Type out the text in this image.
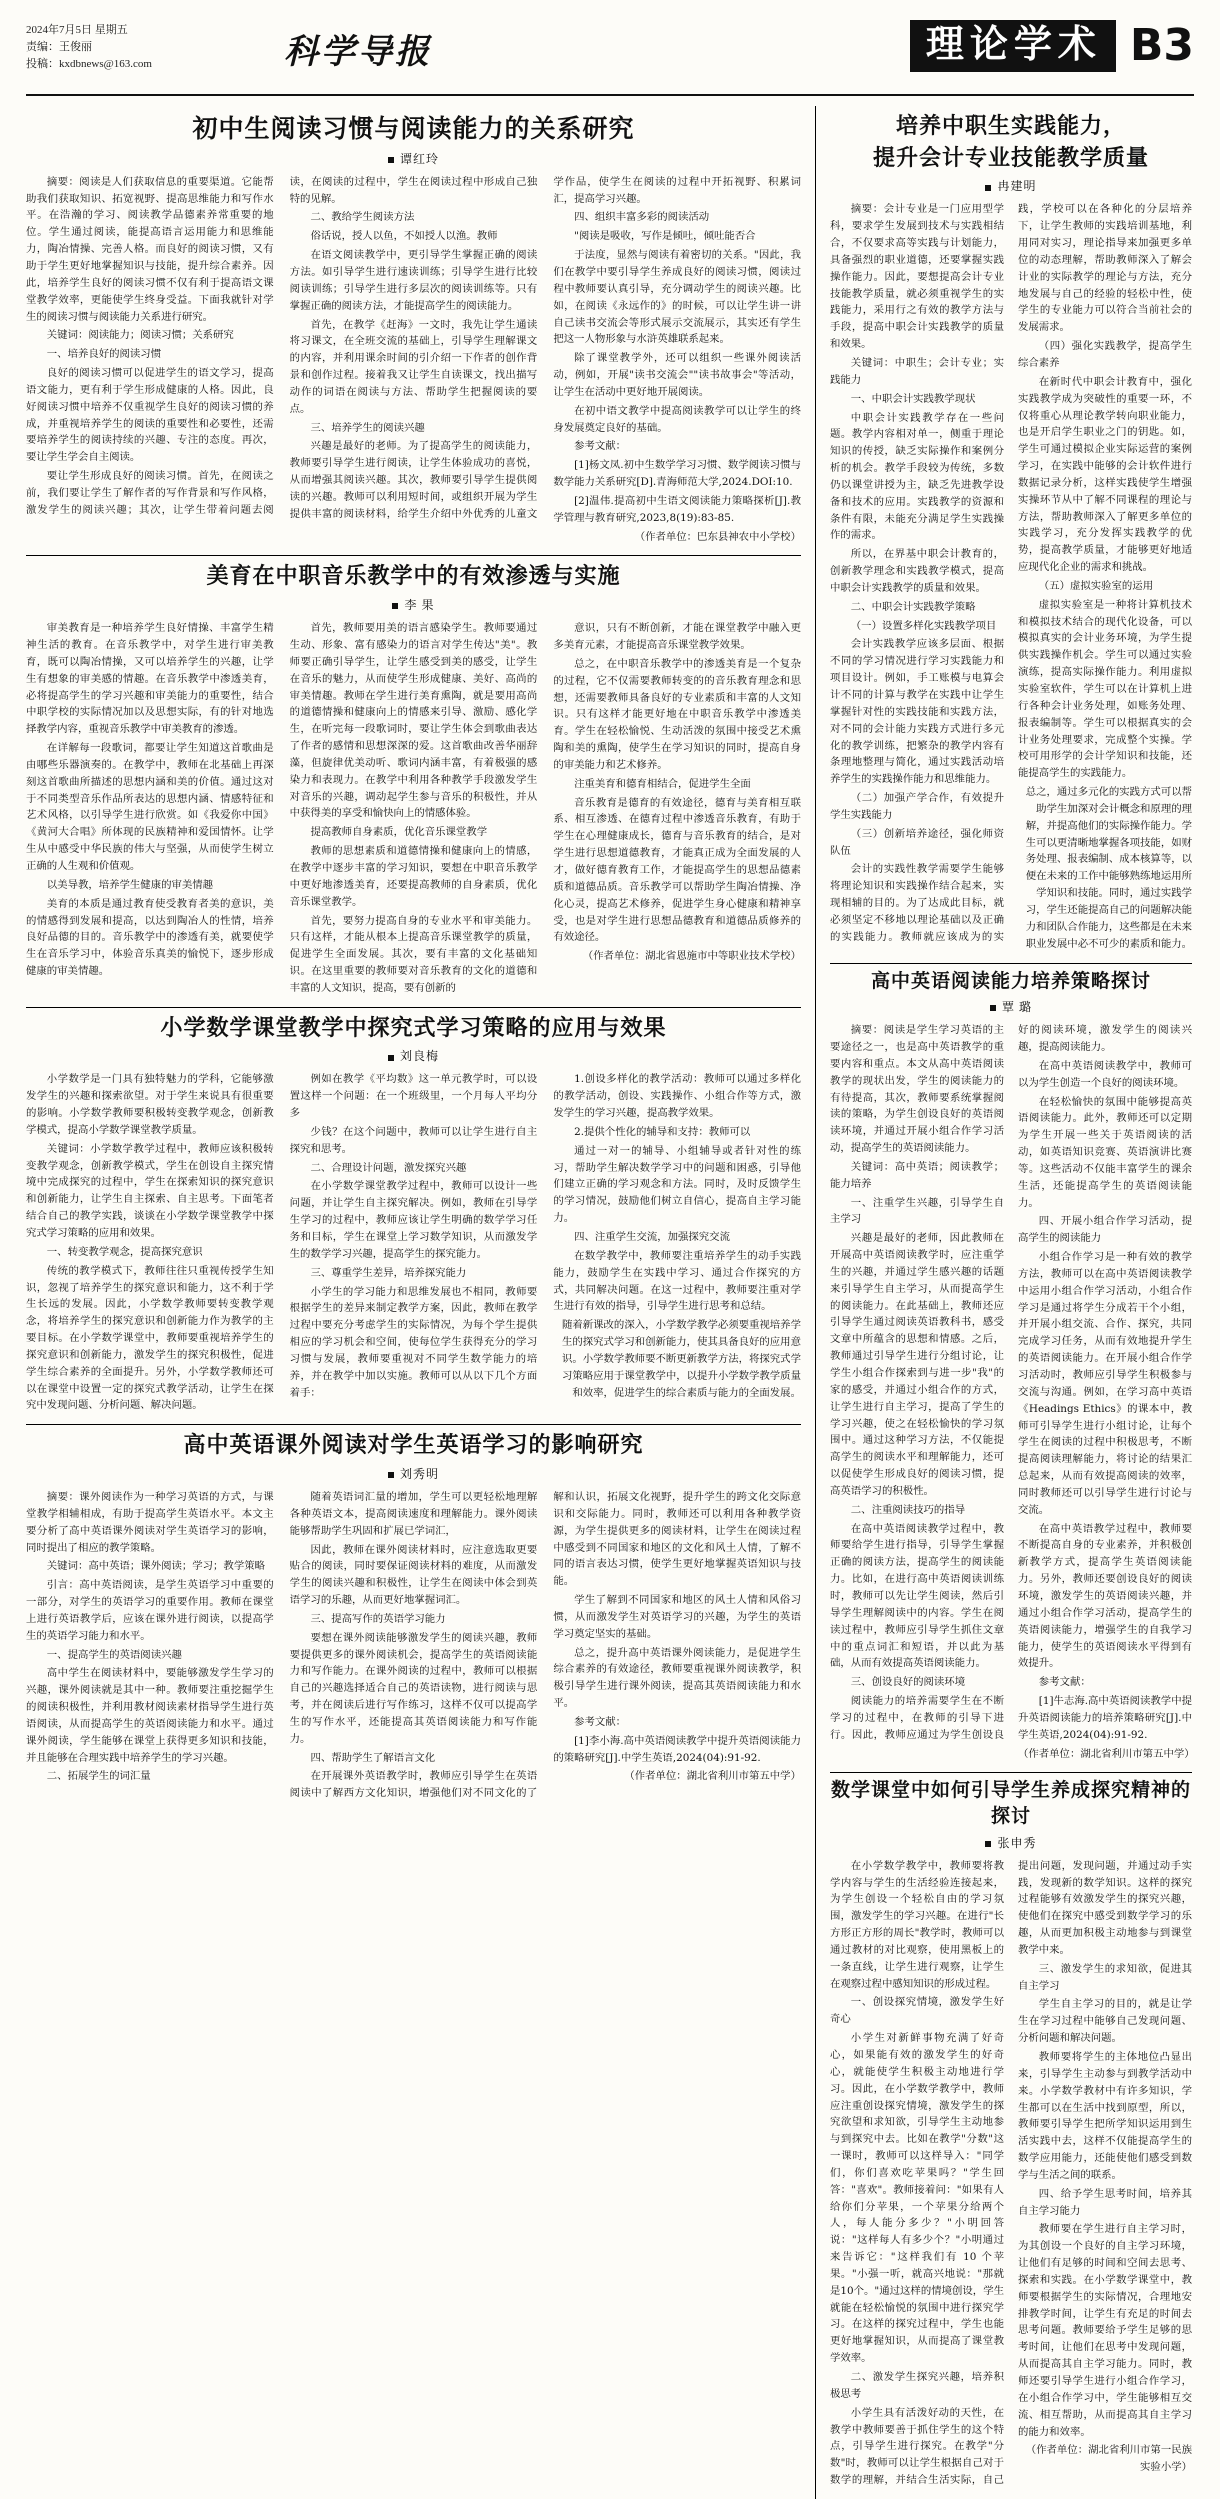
2024年7月5日 星期五
责编：王俊丽
投稿：kxdbnews@163.com	科学导报	理论学术 B3
初中生阅读习惯与阅读能力的关系研究
谭红玲

摘要：阅读是人们获取信息的重要渠道。它能帮助我们获取知识、拓宽视野、提高思维能力和写作水平。在浩瀚的学习、阅读教学品德素养常重要的地位。学生通过阅读，能提高语言运用能力和思维能力，陶冶情操、完善人格。而良好的阅读习惯，又有助于学生更好地掌握知识与技能，提升综合素养。因此，培养学生良好的阅读习惯不仅有利于提高语文课堂教学效率，更能使学生终身受益。下面我就针对学生的阅读习惯与阅读能力关系进行研究。

关键词：阅读能力；阅读习惯；关系研究

一、培养良好的阅读习惯

良好的阅读习惯可以促进学生的语文学习，提高语文能力，更有利于学生形成健康的人格。因此，良好阅读习惯中培养不仅重视学生良好的阅读习惯的养成，并重视培养学生的阅读的重要性和必要性，还需要培养学生的阅读持续的兴趣、专注的态度。再次，要让学生学会自主阅读。

要让学生形成良好的阅读习惯。首先，在阅读之前，我们要让学生了解作者的写作背景和写作风格，激发学生的阅读兴趣；其次，让学生带着问题去阅读，在阅读的过程中，学生在阅读过程中形成自己独特的见解。

二、教给学生阅读方法

俗话说，授人以鱼，不如授人以渔。教师

在语文阅读教学中，更引导学生掌握正确的阅读方法。如引导学生进行速读训练；引导学生进行比较阅读训练；引导学生进行多层次的阅读训练等。只有掌握正确的阅读方法，才能提高学生的阅读能力。

首先，在教学《赶海》一文时，我先让学生通读将习课文，在全班交流的基础上，引导学生理解课文的内容，并利用课余时间的引介绍一下作者的创作背景和创作过程。接着我又让学生自读课文，找出描写动作的词语在阅读与方法、帮助学生把握阅读的要点。

三、培养学生的阅读兴趣

兴趣是最好的老师。为了提高学生的阅读能力，教师要引导学生进行阅读，让学生体验成功的喜悦，从而增强其阅读兴趣。其次，教师要引导学生提供阅读的兴趣。教师可以利用短时间，或组织开展为学生提供丰富的阅读材料，给学生介绍中外优秀的儿童文学作品，使学生在阅读的过程中开拓视野、积累词汇，提高学习兴趣。

四、组织丰富多彩的阅读活动

"阅读是吸收，写作是倾吐，倾吐能否合

于法度，显然与阅读有着密切的关系。"因此，我们在教学中要引导学生养成良好的阅读习惯，阅读过程中教师要认真引导，充分调动学生的阅读兴趣。比如，在阅读《永远作的》的时候，可以让学生讲一讲自己读书交流会等形式展示交流展示，其实还有学生把这一人物形象与水浒英雄联系起来。

除了课堂教学外，还可以组织一些课外阅读活动，例如，开展"读书交流会""读书故事会"等活动，让学生在活动中更好地开展阅读。

在初中语文教学中提高阅读教学可以让学生的终身发展奠定良好的基础。

参考文献：

[1]杨文凤.初中生数学学习习惯、数学阅读习惯与数学能力关系研究[D].青海师范大学,2024.DOI:10.

[2]温伟.提高初中生语文阅读能力策略探析[J].教学管理与教育研究,2023,8(19):83-85.

（作者单位：巴东县神农中小学校）

美育在中职音乐教学中的有效渗透与实施
李 果

审美教育是一种培养学生良好情操、丰富学生精神生活的教育。在音乐教学中，对学生进行审美教育，既可以陶冶情操，又可以培养学生的兴趣，让学生有想象的审美感的情趣。在音乐教学中渗透美育，必将提高学生的学习兴趣和审美能力的重要性，结合中职学校的实际情况加以及思想实际，有的针对地选择教学内容，重视音乐教学中审美教育的渗透。

在详解每一段歌词，都要让学生知道这首歌曲是由哪些乐器演奏的。在教学中，教师在北基础上再深刻这首歌曲所描述的思想内涵和美的价值。通过这对于不同类型音乐作品所表达的思想内涵、情感特征和艺术风格，以引导学生进行欣赏。如《我爱你中国》《黄河大合唱》所体现的民族精神和爱国情怀。让学生从中感受中华民族的伟大与坚强，从而使学生树立正确的人生观和价值观。

以美导教，培养学生健康的审美情趣

美育的本质是通过教育使受教育者美的意识，美的情感得到发展和提高，以达到陶冶人的性情，培养良好品德的目的。音乐教学中的渗透有美，就要使学生在音乐学习中，体验音乐真美的愉悦下，逐步形成健康的审美情趣。

首先，教师要用美的语言感染学生。教师要通过生动、形象、富有感染力的语言对学生传达"美"。教师要正确引导学生，让学生感受到美的感受，让学生在音乐的魅力，从而使学生形成健康、美好、高尚的审美情趣。教师在学生进行美育熏陶，就是要用高尚的道德情操和健康向上的情感来引导、激励、感化学生，在听完每一段歌词时，要让学生体会到歌曲表达了作者的感情和思想深深的爱。这首歌曲改善华丽辞藻，但旋律优美动听、歌词内涵丰富，有着极强的感染力和表现力。在教学中利用各种教学手段激发学生对音乐的兴趣，调动起学生参与音乐的积极性，并从中获得美的享受和愉快向上的情感体验。

提高教师自身素质，优化音乐课堂教学

教师的思想素质和道德情操和健康向上的情感，在教学中逐步丰富的学习知识，要想在中职音乐教学中更好地渗透美育，还要提高教师的自身素质，优化音乐课堂教学。

首先，要努力提高自身的专业水平和审美能力。只有这样，才能从根本上提高音乐课堂教学的质量，促进学生全面发展。其次，要有丰富的文化基础知识。在这里重要的教师要对音乐教育的文化的道德和丰富的人文知识，提高，要有创新的

意识，只有不断创新，才能在课堂教学中融入更多美育元素，才能提高音乐课堂教学效果。

总之，在中职音乐教学中的渗透美育是一个复杂的过程，它不仅需要教师转变的的音乐教育理念和思想，还需要教师具备良好的专业素质和丰富的人文知识。只有这样才能更好地在中职音乐教学中渗透美育。学生在轻松愉悦、生动活泼的氛围中接受艺术熏陶和美的熏陶，使学生在学习知识的同时，提高自身的审美能力和艺术修养。

注重美育和德育相结合，促进学生全面

音乐教育是德育的有效途径，德育与美育相互联系、相互渗透、在德育过程中渗透音乐教育，有助于学生在心理健康成长，德育与音乐教育的结合，是对学生进行思想道德教育，才能真正成为全面发展的人才，做好德育教育工作，才能提高学生的思想品德素质和道德品质。音乐教学可以帮助学生陶冶情操、净化心灵，提高艺术修养，促进学生身心健康和精神享受，也是对学生进行思想品德教育和道德品质修养的有效途径。

（作者单位：湖北省恩施市中等职业技术学校）

小学数学课堂教学中探究式学习策略的应用与效果
刘良梅

小学数学是一门具有独特魅力的学科，它能够激发学生的兴趣和探索欲望。对于学生来说具有很重要的影响。小学数学教师要积极转变教学观念，创新教学模式，提高小学数学课堂教学质量。

关键词：小学数学教学过程中，教师应该积极转变教学观念，创新教学模式，学生在创设自主探究情境中完成探究的过程中，学生在探索知识的探究意识和创新能力，让学生自主探索、自主思考。下面笔者结合自己的教学实践，谈谈在小学数学课堂教学中探究式学习策略的应用和效果。

一、转变教学观念，提高探究意识

传统的教学模式下，教师往往只重视传授学生知识，忽视了培养学生的探究意识和能力，这不利于学生长远的发展。因此，小学数学教师要转变教学观念，将培养学生的探究意识和创新能力作为教学的主要目标。在小学数学课堂中，教师要重视培养学生的探究意识和创新能力，激发学生的探究积极性，促进学生综合素养的全面提升。另外，小学数学教师还可以在课堂中设置一定的探究式教学活动，让学生在探究中发现问题、分析问题、解决问题。

例如在教学《平均数》这一单元教学时，可以设置这样一个问题：在一个班级里，一个月每人平均分多

少钱？在这个问题中，教师可以让学生进行自主探究和思考。

二、合理设计问题，激发探究兴趣

在小学数学课堂教学过程中，教师可以设计一些问题，并让学生自主探究解决。例如，教师在引导学生学习的过程中，教师应该让学生明确的数学学习任务和目标，学生在课堂上学习数学知识，从而激发学生的数学学习兴趣，提高学生的探究能力。

三、尊重学生差异，培养探究能力

小学生的学习能力和思维发展也不相同，教师要根据学生的差异来制定教学方案，因此，教师在教学过程中要充分考虑学生的实际情况，为每个学生提供相应的学习机会和空间，使每位学生获得充分的学习习惯与发展，教师要重视对不同学生数学能力的培养，并在教学中加以实施。教师可以从以下几个方面着手：

1.创设多样化的教学活动：教师可以通过多样化的教学活动，创设、实践操作、小组合作等方式，激发学生的学习兴趣，提高教学效果。

2.提供个性化的辅导和支持：教师可以

通过一对一的辅导、小组辅导或者针对性的练习，帮助学生解决数学学习中的问题和困惑，引导他们建立正确的学习观念和方法。同时，及时反馈学生的学习情况，鼓励他们树立自信心，提高自主学习能力。

四、注重学生交流，加强探究交流

在数学教学中，教师要注重培养学生的动手实践能力，鼓励学生在实践中学习、通过合作探究的方式，共同解决问题。在这一过程中，教师要注重对学生进行有效的指导，引导学生进行思考和总结。

随着新课改的深入，小学数学教学必须要重视培养学生的探究式学习和创新能力，使其具备良好的应用意识。小学数学教师要不断更新教学方法，将探究式学习策略应用于课堂教学中，以提升小学数学教学质量和效率，促进学生的综合素质与能力的全面发展。

高中英语课外阅读对学生英语学习的影响研究
刘秀明

摘要：课外阅读作为一种学习英语的方式，与课堂教学相辅相成，有助于提高学生英语水平。本文主要分析了高中英语课外阅读对学生英语学习的影响，同时提出了相应的教学策略。

关键词：高中英语；课外阅读；学习；教学策略

引言：高中英语阅读，是学生英语学习中重要的一部分，对学生的英语学习的重要作用。教师在课堂上进行英语教学后，应该在课外进行阅读，以提高学生的英语学习能力和水平。

一、提高学生的英语阅读兴趣

高中学生在阅读材料中，要能够激发学生学习的兴趣，课外阅读就是其中一种。教师要注重挖掘学生的阅读积极性，并利用教材阅读素材指导学生进行英语阅读，从而提高学生的英语阅读能力和水平。通过课外阅读，学生能够在课堂上获得更多知识和技能，并且能够在合理实践中培养学生的学习兴趣。

二、拓展学生的词汇量

随着英语词汇量的增加，学生可以更轻松地理解各种英语文本，提高阅读速度和理解能力。课外阅读能够帮助学生巩固和扩展已学词汇，

因此，教师在课外阅读材料时，应注意选取更要贴合的阅读，同时要保证阅读材料的难度，从而激发学生的阅读兴趣和积极性，让学生在阅读中体会到英语学习的乐趣，从而更好地掌握词汇。

三、提高写作的英语学习能力

要想在课外阅读能够激发学生的阅读兴趣，教师要提供更多的课外阅读机会，提高学生的英语阅读能力和写作能力。在课外阅读的过程中，教师可以根据自己的兴趣选择适合自己的英语读物，进行阅读与思考，并在阅读后进行写作练习，这样不仅可以提高学生的写作水平，还能提高其英语阅读能力和写作能力。

四、帮助学生了解语言文化

在开展课外英语教学时，教师应引导学生在英语阅读中了解西方文化知识，增强他们对不同文化的了解和认识，拓展文化视野，提升学生的跨文化交际意识和交际能力。同时，教师还可以利用各种教学资源，为学生提供更多的阅读材料，让学生在阅读过程中感受到不同国家和地区的文化和风土人情，了解不同的语言表达习惯，使学生更好地掌握英语知识与技能。

学生了解到不同国家和地区的风土人情和风俗习惯，从而激发学生对英语学习的兴趣，为学生的英语学习奠定坚实的基础。

总之，提升高中英语课外阅读能力，是促进学生综合素养的有效途径，教师要重视课外阅读教学，积极引导学生进行课外阅读，提高其英语阅读能力和水平。

参考文献：

[1]李小海.高中英语阅读教学中提升英语阅读能力的策略研究[J].中学生英语,2024(04):91-92.

（作者单位：湖北省利川市第五中学）

培养中职生实践能力，
提升会计专业技能教学质量
冉建明

摘要：会计专业是一门应用型学科，要求学生发展到技术与实践相结合，不仅要求高等实践与计划能力，具备强烈的职业道德，还要掌握实践操作能力。因此，要想提高会计专业技能教学质量，就必须重视学生的实践能力，采用行之有效的教学方法与手段，提高中职会计实践教学的质量和效果。

关键词：中职生；会计专业；实践能力

一、中职会计实践教学现状

中职会计实践教学存在一些问题。教学内容相对单一，侧重于理论知识的传授，缺乏实际操作和案例分析的机会。教学手段较为传统，多数仍以课堂讲授为主，缺乏先进教学设备和技术的应用。实践教学的资源和条件有限，未能充分满足学生实践操作的需求。

所以，在界基中职会计教育的，创新教学理念和实践教学模式，提高中职会计实践教学的质量和效果。

二、中职会计实践教学策略

（一）设置多样化实践教学项目

会计实践教学应该多层面、根据不同的学习情况进行学习实践能力和项目设计。例如，手工账模与电算会计不同的计算与教学在实践中让学生掌握针对性的实践技能和实践方法，对不同的会计能力实践方式进行多元化的教学训练，把繁杂的教学内容有条理地整理与简化，通过实践活动培养学生的实践操作能力和思维能力。

（二）加强产学合作，有效提升学生实践能力

（三）创新培养途径，强化师资队伍

会计的实践性教学需要学生能够将理论知识和实践操作结合起来，实现相辅的目的。为了达成此目标，就必须坚定不移地以理论基础以及正确的实践能力。教师就应该成为的实践，学校可以在各种化的分层培养下，让学生教师的实践培训基地，利用同对实习，理论指导来加强更多单位的动态理解，帮助教师深入了解会计业的实际教学的理论与方法，充分地发展与自己的经验的轻松中性，使学生的专业能力可以符合当前社会的发展需求。

（四）强化实践教学，提高学生综合素养

在新时代中职会计教育中，强化实践教学成为突破性的重要一环，不仅将重心从理论教学转向职业能力，也是开启学生职业之门的钥匙。如，学生可通过模拟企业实际运营的案例学习，在实践中能够的会计软件进行数据记录分析，这样实践使学生增强实操环节从中了解不同课程的理论与方法，帮助教师深入了解更多单位的实践学习，充分发挥实践教学的优势，提高教学质量，才能够更好地适应现代化企业的需求和挑战。

（五）虚拟实验室的运用

虚拟实验室是一种将计算机技术和模拟技术结合的现代化设备，可以模拟真实的会计业务环境，为学生提供实践操作机会。学生可以通过实验演练，提高实际操作能力。利用虚拟实验室软件，学生可以在计算机上进行各种会计业务处理，如账务处理、报表编制等。学生可以根据真实的会计业务处理要求，完成整个实操。学校可用形学的会计学知识和技能，还能提高学生的实践能力。

总之，通过多元化的实践方式可以帮助学生加深对会计概念和原理的理解，并提高他们的实际操作能力。学生可以更清晰地掌握各项技能，如财务处理、报表编制、成本核算等，以便在未来的工作中能够熟练地运用所学知识和技能。同时，通过实践学习，学生还能提高自己的问题解决能力和团队合作能力，这些都是在未来职业发展中必不可少的素质和能力。

高中英语阅读能力培养策略探讨
覃 璐

摘要：阅读是学生学习英语的主要途径之一，也是高中英语教学的重要内容和重点。本文从高中英语阅读教学的现状出发，学生的阅读能力的有待提高，其次，教师要系统掌握阅读的策略，为学生创设良好的英语阅读环境，并通过开展小组合作学习活动，提高学生的英语阅读能力。

关键词：高中英语；阅读教学；能力培养

一、注重学生兴趣，引导学生自主学习

兴趣是最好的老师，因此教师在开展高中英语阅读教学时，应注重学生的兴趣，并通过学生感兴趣的话题来引导学生自主学习，从而提高学生的阅读能力。在此基础上，教师还应引导学生通过阅读英语教科书，感受文章中所蕴含的思想和情感。之后，教师通过引导学生进行分组讨论，让学生小组合作探索到与进一步"我"的家的感受，并通过小组合作的方式，让学生进行自主学习，提高了学生的学习兴趣，使之在轻松愉快的学习氛围中。通过这种学习方法，不仅能提高学生的阅读水平和理解能力，还可以促使学生形成良好的阅读习惯，提高英语学习的积极性。

二、注重阅读技巧的指导

在高中英语阅读教学过程中，教师要给学生进行指导，引导学生掌握正确的阅读方法，提高学生的阅读能力。比如，在进行高中英语阅读训练时，教师可以先让学生阅读，然后引导学生理解阅读中的内容。学生在阅读过程中，教师应引导学生抓住文章中的重点词汇和短语，并以此为基础，从而有效提高英语阅读能力。

三、创设良好的阅读环境

阅读能力的培养需要学生在不断学习的过程中，在教师的引导下进行。因此，教师应通过为学生创设良好的阅读环境，激发学生的阅读兴趣，提高阅读能力。

在高中英语阅读教学中，教师可以为学生创造一个良好的阅读环境。

在轻松愉快的氛围中能够提高英语阅读能力。此外，教师还可以定期为学生开展一些关于英语阅读的活动，如英语知识竞赛、英语演讲比赛等。这些活动不仅能丰富学生的课余生活，还能提高学生的英语阅读能力。

四、开展小组合作学习活动，提高学生的阅读能力

小组合作学习是一种有效的教学方法，教师可以在高中英语阅读教学中运用小组合作学习活动，小组合作学习是通过将学生分成若干个小组，并开展小组交流、合作、探究，共同完成学习任务，从而有效地提升学生的英语阅读能力。在开展小组合作学习活动时，教师应引导学生积极参与交流与沟通。例如，在学习高中英语《Headings Ethics》的课本中，教师可引导学生进行小组讨论，让每个学生在阅读的过程中积极思考，不断提高阅读理解能力，将讨论的结果汇总起来，从而有效提高阅读的效率，同时教师还可以引导学生进行讨论与交流。

在高中英语教学过程中，教师要不断提高自身的专业素养，并积极创新教学方式，提高学生英语阅读能力。另外，教师还要创设良好的阅读环境，激发学生的英语阅读兴趣，并通过小组合作学习活动，提高学生的英语阅读能力，增强学生的自我学习能力，使学生的英语阅读水平得到有效提升。

参考文献：

[1]牛志海.高中英语阅读教学中提升英语阅读能力的培养策略研究[J].中学生英语,2024(04):91-92.

（作者单位：湖北省利川市第五中学）

数学课堂中如何引导学生养成探究精神的探讨
张申秀

在小学数学教学中，教师要将教学内容与学生的生活经验连接起来，为学生创设一个轻松自由的学习氛围，激发学生的学习兴趣。在进行"长方形正方形的周长"教学时，教师可以通过教材的对比观察，使用黑板上的一条直线，让学生进行观察，让学生在观察过程中感知知识的形成过程。

一、创设探究情境，激发学生好奇心

小学生对新鲜事物充满了好奇心，如果能有效的激发学生的好奇心，就能使学生积极主动地进行学习。因此，在小学数学教学中，教师应注重创设探究情境，激发学生的探究欲望和求知欲，引导学生主动地参与到探究中去。比如在教学"分数"这一课时，教师可以这样导入："同学们，你们喜欢吃苹果吗？"学生回答："喜欢"。教师接着问："如果有人给你们分苹果，一个苹果分给两个人，每人能分多少？"小明回答说："这样每人有多少个？"小明通过来告诉它："这样我们有 10 个苹果。"小强一听，就高兴地说："那就是10个。"通过这样的情境创设，学生就能在轻松愉悦的氛围中进行探究学习。在这样的探究过程中，学生也能更好地掌握知识，从而提高了课堂教学效率。

二、激发学生探究兴趣，培养积极思考

小学生具有活泼好动的天性，在教学中教师要善于抓住学生的这个特点，引导学生进行探究。在教学"分数"时，教师可以让学生根据自己对于数学的理解，并结合生活实际，自己提出问题，发现问题，并通过动手实践，发现新的数学知识。这样的探究过程能够有效激发学生的探究兴趣，使他们在探究中感受到数学学习的乐趣，从而更加积极主动地参与到课堂教学中来。

三、激发学生的求知欲，促进其自主学习

学生自主学习的目的，就是让学生在学习过程中能够自己发现问题、分析问题和解决问题。

教师要将学生的主体地位凸显出来，引导学生主动参与到教学活动中来。小学数学教材中有许多知识，学生都可以在生活中找到原型，所以，教师要引导学生把所学知识运用到生活实践中去，这样不仅能提高学生的数学应用能力，还能使他们感受到数学与生活之间的联系。

四、给予学生思考时间，培养其自主学习能力

教师要在学生进行自主学习时，为其创设一个良好的自主学习环境，让他们有足够的时间和空间去思考、探索和实践。在小学数学课堂中，教师要根据学生的实际情况，合理地安排教学时间，让学生有充足的时间去思考问题。教师要给予学生足够的思考时间，让他们在思考中发现问题，从而提高其自主学习能力。同时，教师还要引导学生进行小组合作学习，在小组合作学习中，学生能够相互交流、相互帮助，从而提高其自主学习的能力和效率。

（作者单位：湖北省利川市第一民族实验小学）
